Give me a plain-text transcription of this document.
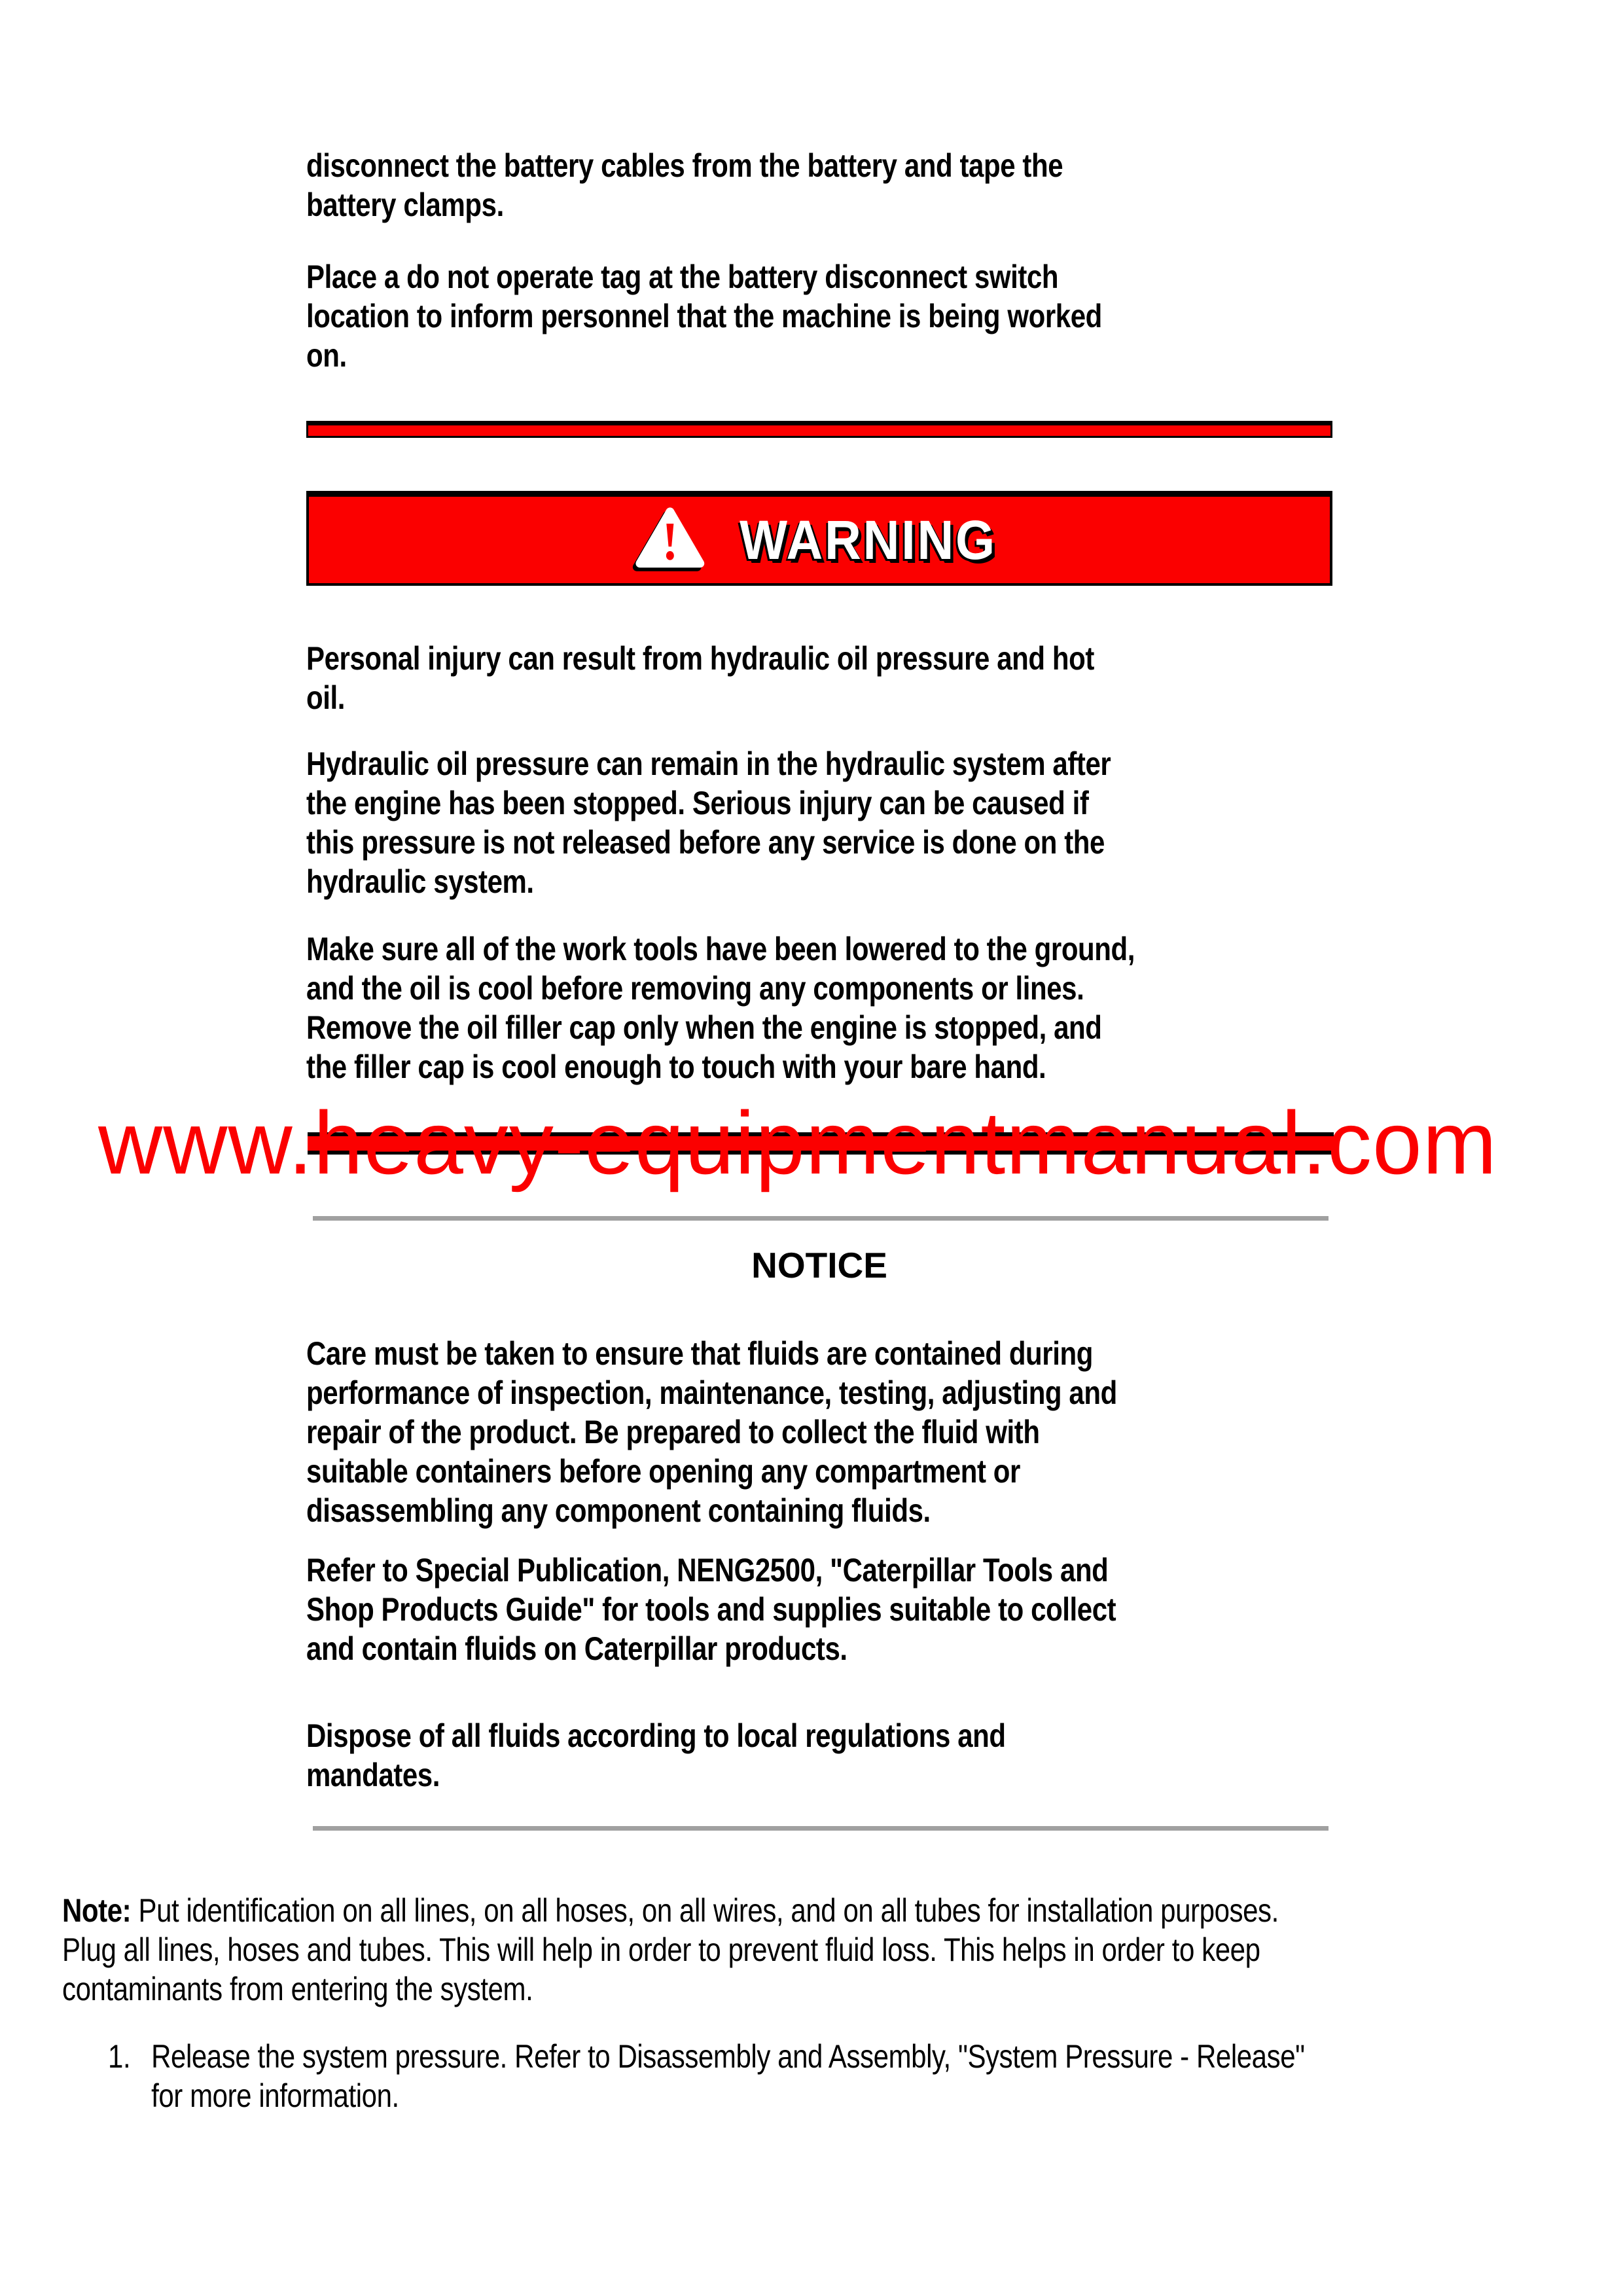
disconnect the battery cables from the battery and tape the
battery clamps.
Place a do not operate tag at the battery disconnect switch
location to inform personnel that the machine is being worked
on.
WARNING
Personal injury can result from hydraulic oil pressure and hot
oil.
Hydraulic oil pressure can remain in the hydraulic system after
the engine has been stopped. Serious injury can be caused if
this pressure is not released before any service is done on the
hydraulic system.
Make sure all of the work tools have been lowered to the ground,
and the oil is cool before removing any components or lines.
Remove the oil filler cap only when the engine is stopped, and
the filler cap is cool enough to touch with your bare hand.
www.heavy-equipmentmanual.com
NOTICE
Care must be taken to ensure that fluids are contained during
performance of inspection, maintenance, testing, adjusting and
repair of the product. Be prepared to collect the fluid with
suitable containers before opening any compartment or
disassembling any component containing fluids.
Refer to Special Publication, NENG2500, "Caterpillar Tools and
Shop Products Guide" for tools and supplies suitable to collect
and contain fluids on Caterpillar products.
Dispose of all fluids according to local regulations and
mandates.
Note: Put identification on all lines, on all hoses, on all wires, and on all tubes for installation purposes.
Plug all lines, hoses and tubes. This will help in order to prevent fluid loss. This helps in order to keep
contaminants from entering the system.
1. Release the system pressure. Refer to Disassembly and Assembly, "System Pressure - Release"
for more information.
